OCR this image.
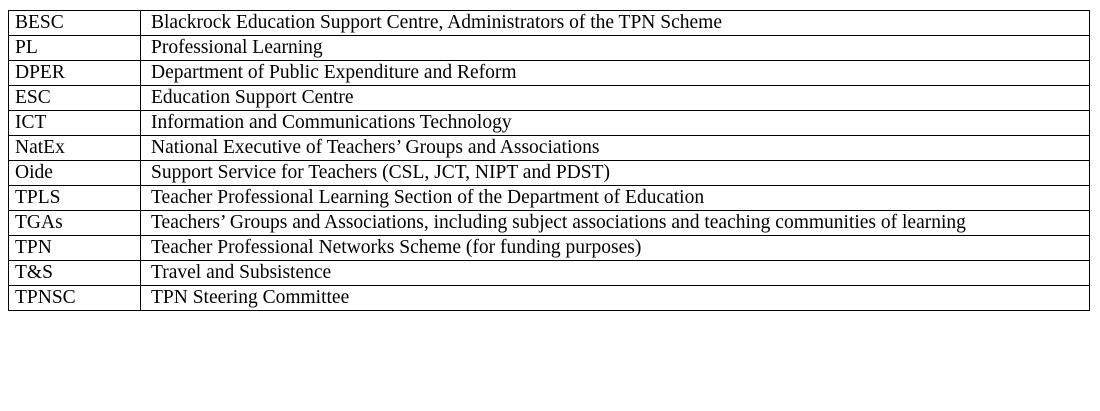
BESC	Blackrock Education Support Centre, Administrators of the TPN Scheme
PL	Professional Learning
DPER	Department of Public Expenditure and Reform
ESC	Education Support Centre
ICT	Information and Communications Technology
NatEx	National Executive of Teachers’ Groups and Associations
Oide	Support Service for Teachers (CSL, JCT, NIPT and PDST)
TPLS	Teacher Professional Learning Section of the Department of Education
TGAs	Teachers’ Groups and Associations, including subject associations and teaching communities of learning
TPN	Teacher Professional Networks Scheme (for funding purposes)
T&S	Travel and Subsistence
TPNSC	TPN Steering Committee
